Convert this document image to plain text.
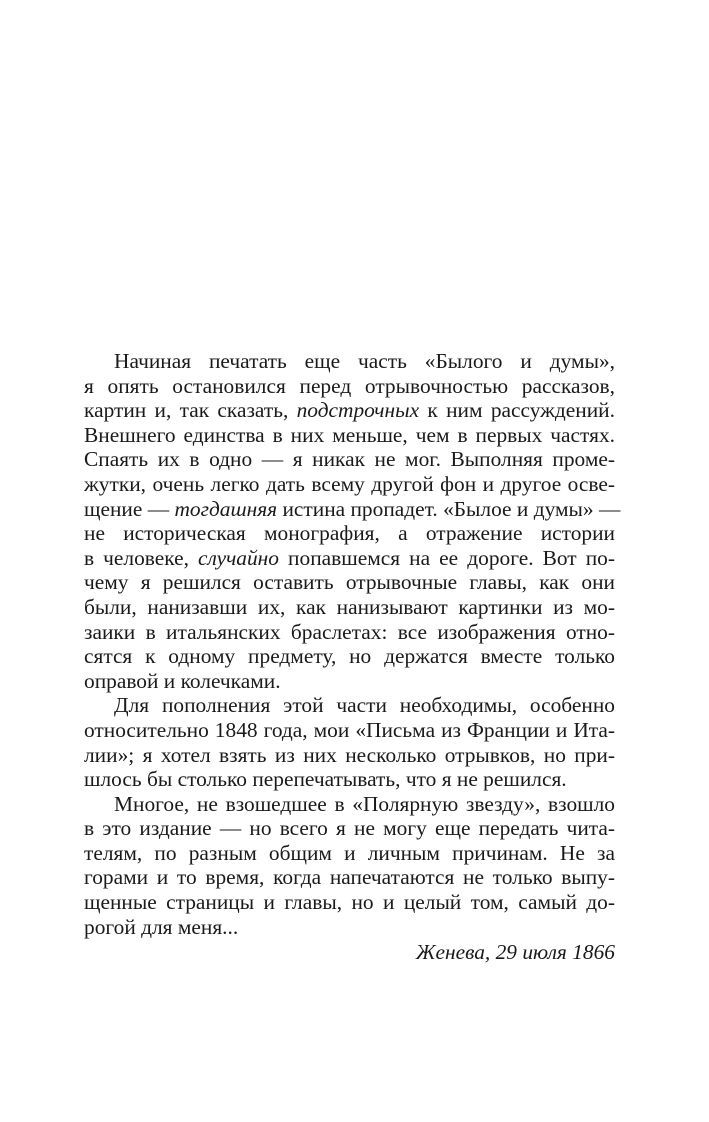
Начиная печатать еще часть «Былого и думы»,
я опять остановился перед отрывочностью рассказов,
картин и, так сказать, подстрочных к ним рассуждений.
Внешнего единства в них меньше, чем в первых частях.
Спаять их в одно — я никак не мог. Выполняя проме-
жутки, очень легко дать всему другой фон и другое осве-
щение — тогдашняя истина пропадет. «Былое и думы» —
не историческая монография, а отражение истории
в человеке, случайно попавшемся на ее дороге. Вот по-
чему я решился оставить отрывочные главы, как они
были, нанизавши их, как нанизывают картинки из мо-
заики в итальянских браслетах: все изображения отно-
сятся к одному предмету, но держатся вместе только
оправой и колечками.
Для пополнения этой части необходимы, особенно
относительно 1848 года, мои «Письма из Франции и Ита-
лии»; я хотел взять из них несколько отрывков, но при-
шлось бы столько перепечатывать, что я не решился.
Многое, не взошедшее в «Полярную звезду», взошло
в это издание — но всего я не могу еще передать чита-
телям, по разным общим и личным причинам. Не за
горами и то время, когда напечатаются не только выпу-
щенные страницы и главы, но и целый том, самый до-
рогой для меня...
Женева, 29 июля 1866
